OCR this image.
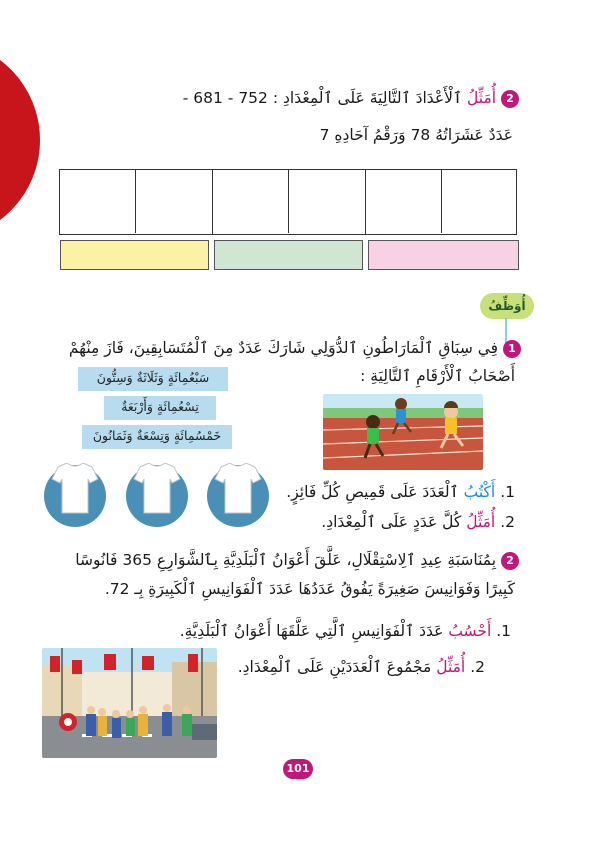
2 أُمَثِّلُ ٱلْأَعْدَادَ ٱلتَّالِيَةَ عَلَى ٱلْمِعْدَادِ : 752 - 681 -
عَدَدٌ عَشَرَاتُهُ 78 وَرَقْمُ آحَادِهِ 7
أُوَظِّفُ
1 فِي سِبَاقِ ٱلْمَارَاطُونِ ٱلدُّوَلِي شَارَكَ عَدَدٌ مِنَ ٱلْمُتَسَابِقِينَ، فَازَ مِنْهُمْ
أَصْحَابُ ٱلْأَرْقَامِ ٱلتَّالِيَةِ :
سَبْعُمِائَةٍ وَثَلَاثَةٌ وَسِتُّونَ
تِسْعُمِائَةٍ وَأَرْبَعَةٌ
خَمْسُمِائَةٍ وَتِسْعَةٌ وَثَمَانُونَ
1. أَكْتُبُ ٱلْعَدَدَ عَلَى قَمِيصِ كُلِّ فَائِزٍ.
2. أُمَثِّلُ كُلَّ عَدَدٍ عَلَى ٱلْمِعْدَادِ.
2 بِمُنَاسَبَةِ عِيدِ ٱلِاسْتِقْلَالِ، عَلَّقَ أَعْوَانُ ٱلْبَلَدِيَّةِ بِٱلشَّوَارِعِ 365 فَانُوسًا
كَبِيرًا وَفَوَانِيسَ صَغِيرَةً يَفُوقُ عَدَدُهَا عَدَدَ ٱلْفَوَانِيسِ ٱلْكَبِيرَةِ بِـ 72.
1. أَحْسُبُ عَدَدَ ٱلْفَوَانِيسِ ٱلَّتِي عَلَّقَهَا أَعْوَانُ ٱلْبَلَدِيَّةِ.
2. أُمَثِّلُ مَجْمُوعَ ٱلْعَدَدَيْنِ عَلَى ٱلْمِعْدَادِ.
101
